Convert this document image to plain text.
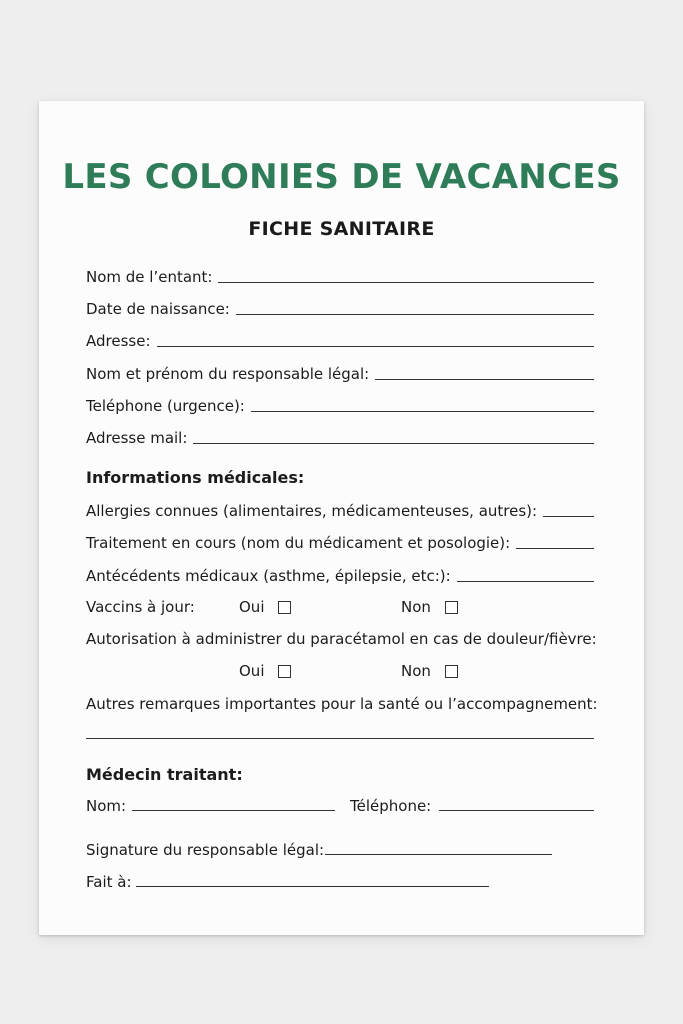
LES COLONIES DE VACANCES
FICHE SANITAIRE
Nom de l’entant:
Date de naissance:
Adresse:
Nom et prénom du responsable légal:
Teléphone (urgence):
Adresse mail:
Informations médicales:
Allergies connues (alimentaires, médicamenteuses, autres):
Traitement en cours (nom du médicament et posologie):
Antécédents médicaux (asthme, épilepsie, etc:):
Vaccins à jour:	Oui	Non
Autorisation à administrer du paracétamol en cas de douleur/fièvre:
Oui	Non
Autres remarques importantes pour la santé ou l’accompagnement:
Médecin traitant:
Nom:	Téléphone:
Signature du responsable légal:
Fait à:
